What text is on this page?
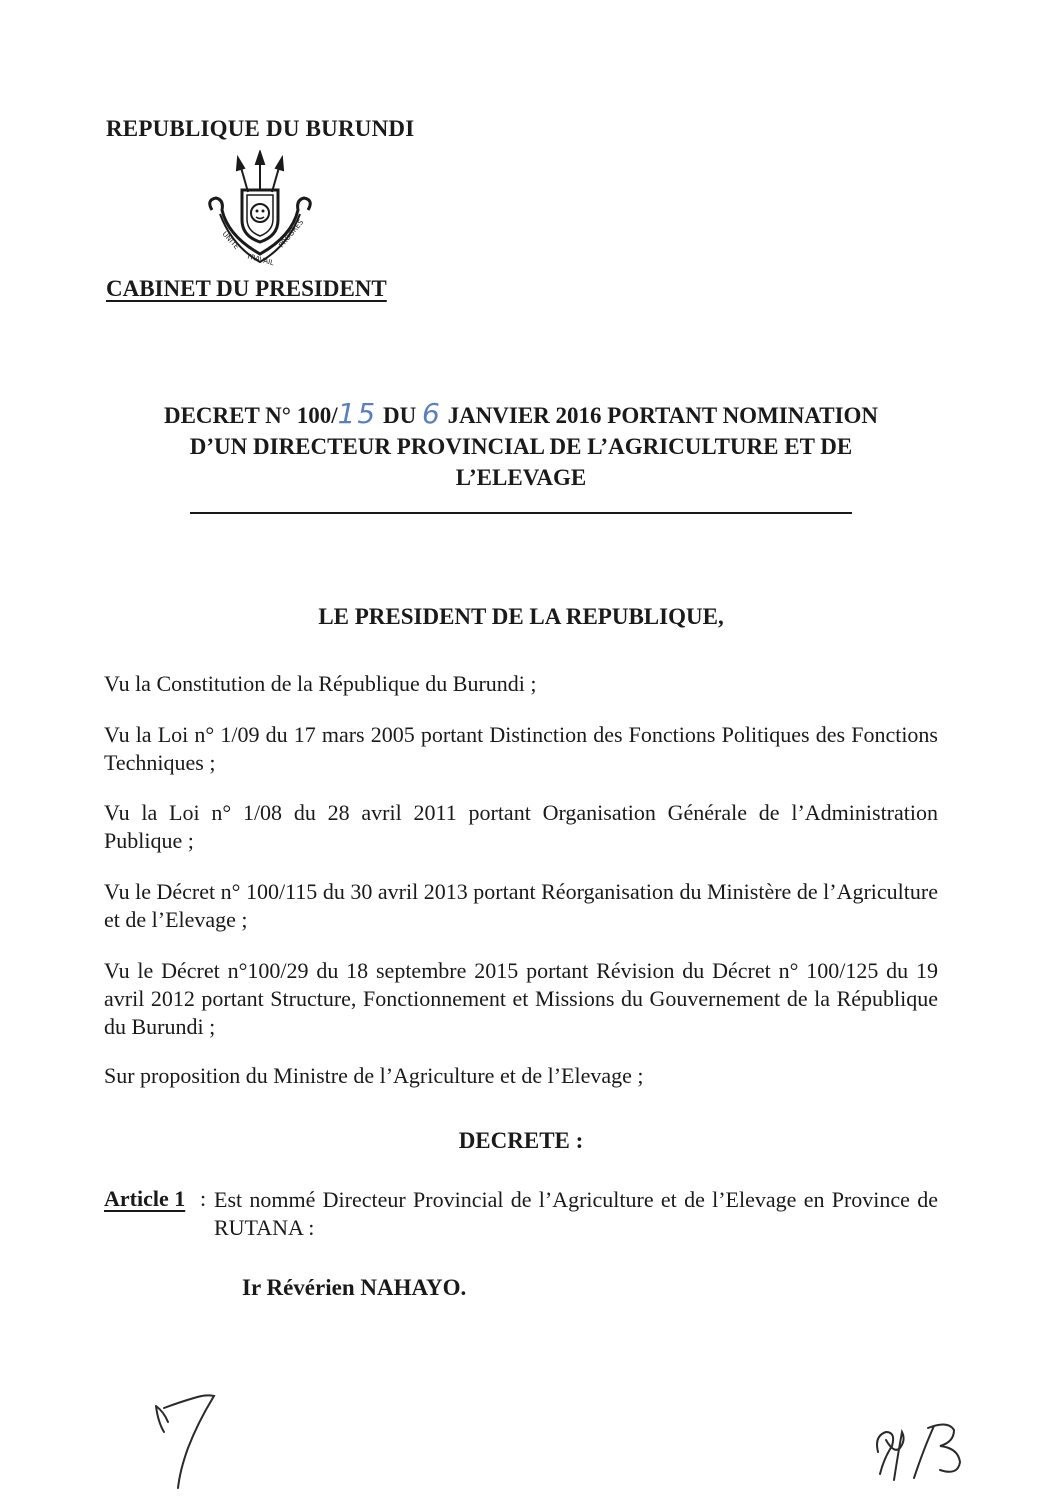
REPUBLIQUE DU BURUNDI
UNITE
TRAVAIL
PROGRES
CABINET DU PRESIDENT
DECRET N° 100/15 DU 6 JANVIER 2016 PORTANT NOMINATION
D’UN DIRECTEUR PROVINCIAL DE L’AGRICULTURE ET DE
L’ELEVAGE
LE PRESIDENT DE LA REPUBLIQUE,
Vu la Constitution de la République du Burundi ;
Vu la Loi n° 1/09 du 17 mars 2005 portant Distinction des Fonctions Politiques des Fonctions Techniques ;
Vu la Loi n° 1/08 du 28 avril 2011 portant Organisation Générale de l’Administration Publique ;
Vu le Décret n° 100/115 du 30 avril 2013 portant Réorganisation du Ministère de l’Agriculture et de l’Elevage ;
Vu le Décret n°100/29 du 18 septembre 2015 portant Révision du Décret n° 100/125 du 19 avril 2012 portant Structure, Fonctionnement et Missions du Gouvernement de la République du Burundi ;
Sur proposition du Ministre de l’Agriculture et de l’Elevage ;
DECRETE :
Article 1 : Est nommé Directeur Provincial de l’Agriculture et de l’Elevage en Province de RUTANA :
Ir Révérien NAHAYO.
